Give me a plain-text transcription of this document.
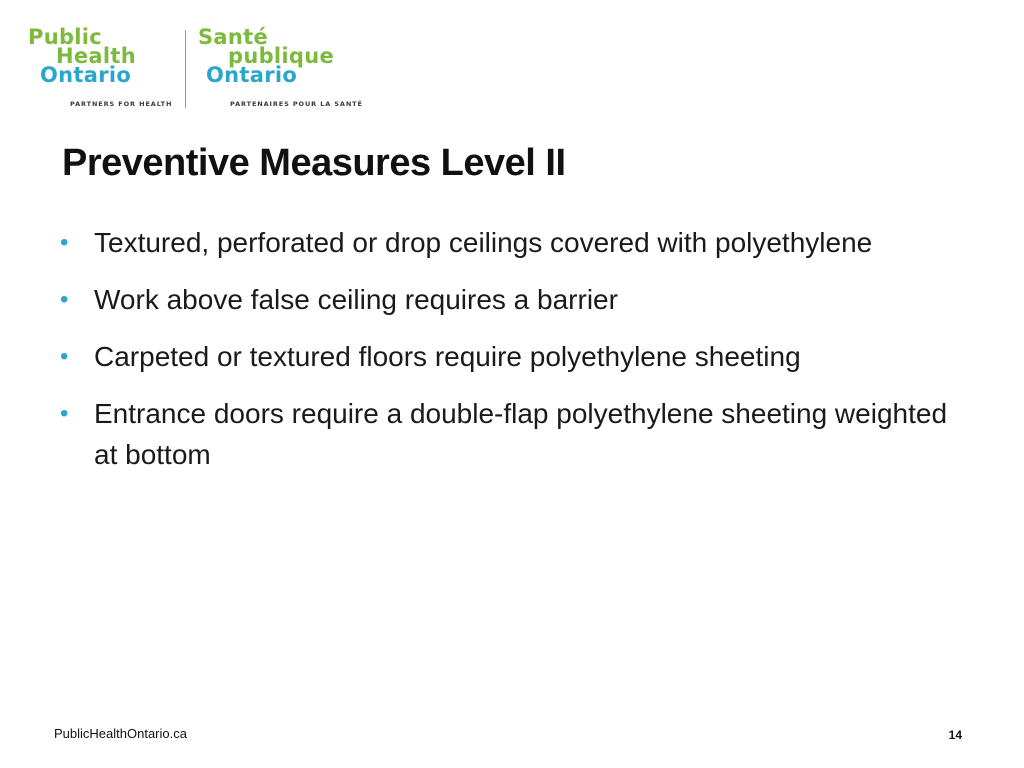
Public
Health
Ontario
Santé
publique
Ontario
PARTNERS FOR HEALTH	PARTENAIRES POUR LA SANTÉ
Preventive Measures Level II
• Textured, perforated or drop ceilings covered with polyethylene
• Work above false ceiling requires a barrier
• Carpeted or textured floors require polyethylene sheeting
• Entrance doors require a double-flap polyethylene sheeting weighted at bottom
PublicHealthOntario.ca	14
